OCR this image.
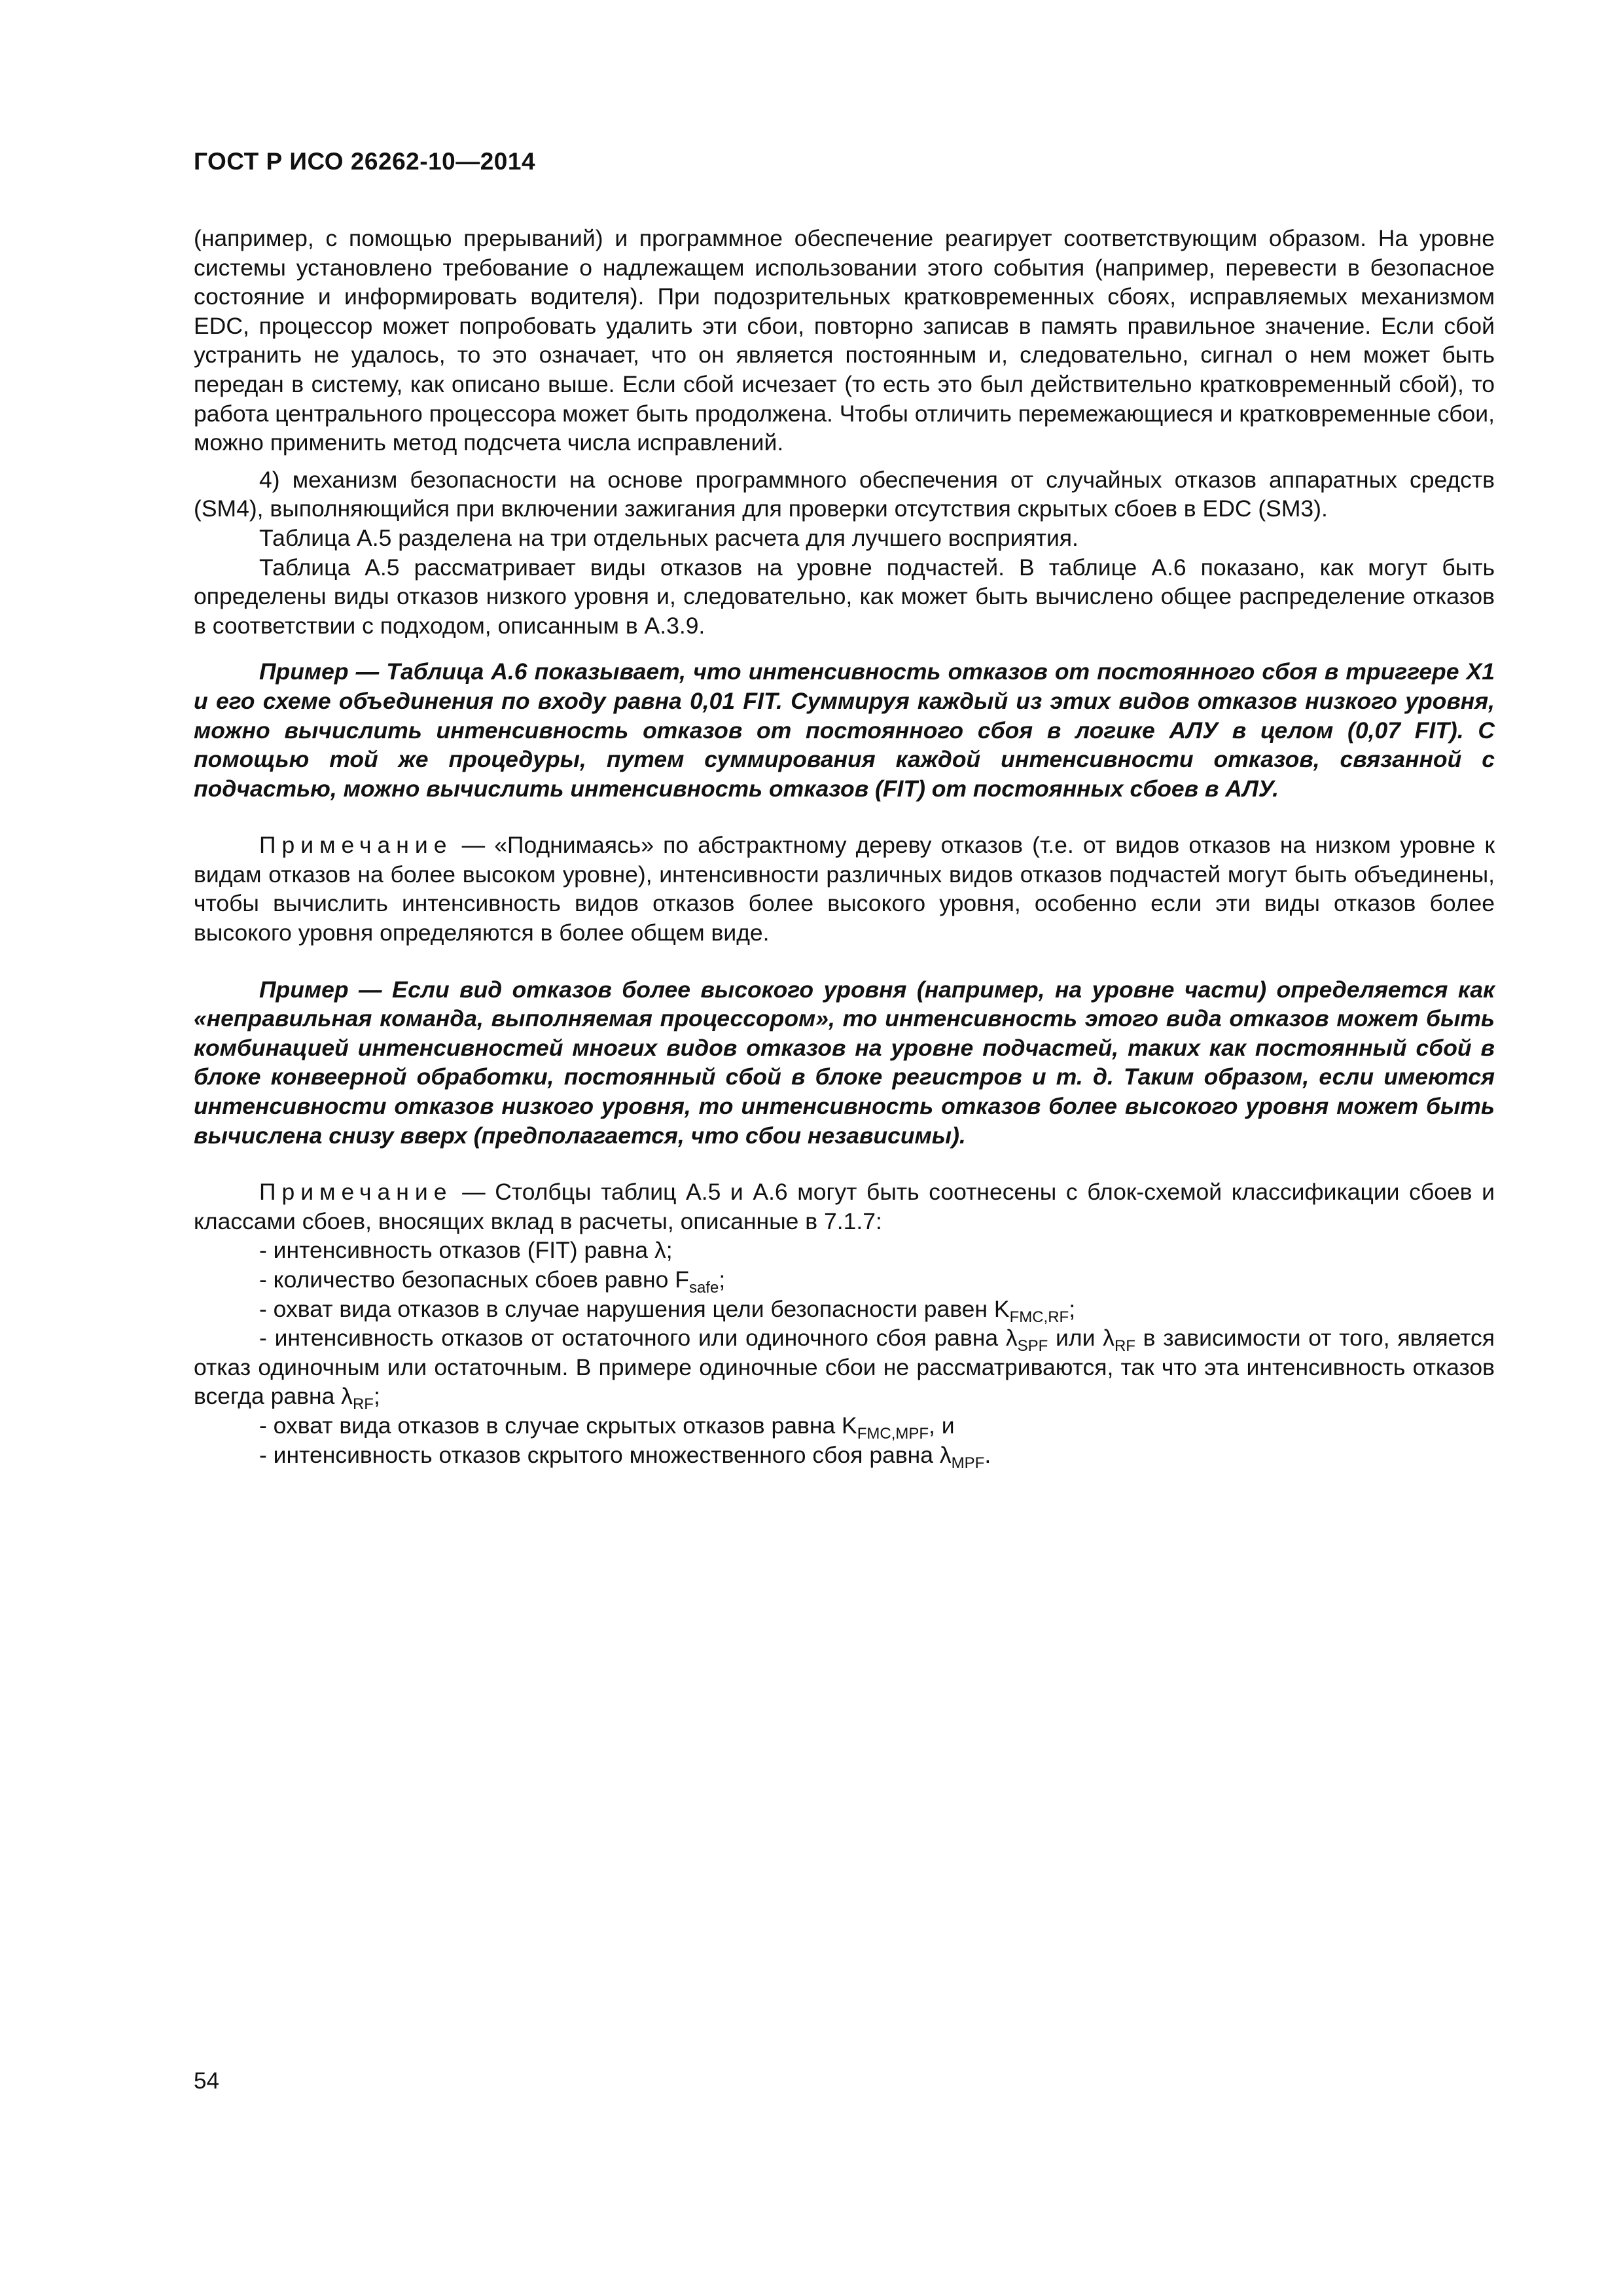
ГОСТ Р ИСО 26262-10—2014

(например, с помощью прерываний) и программное обеспечение реагирует соответствующим образом. На уровне системы установлено требование о надлежащем использовании этого события (например, перевести в безопасное состояние и информировать водителя). При подозрительных кратковременных сбоях, исправляемых механизмом EDC, процессор может попробовать удалить эти сбои, повторно записав в память правильное значение. Если сбой устранить не удалось, то это означает, что он является постоянным и, следовательно, сигнал о нем может быть передан в систему, как описано выше. Если сбой исчезает (то есть это был действительно кратковременный сбой), то работа центрального процессора может быть продолжена. Чтобы отличить перемежающиеся и кратковременные сбои, можно применить метод подсчета числа исправлений.

4) механизм безопасности на основе программного обеспечения от случайных отказов аппаратных средств (SM4), выполняющийся при включении зажигания для проверки отсутствия скрытых сбоев в EDC (SM3).

Таблица А.5 разделена на три отдельных расчета для лучшего восприятия.

Таблица А.5 рассматривает виды отказов на уровне подчастей. В таблице А.6 показано, как могут быть определены виды отказов низкого уровня и, следовательно, как может быть вычислено общее распределение отказов в соответствии с подходом, описанным в А.3.9.

Пример — Таблица А.6 показывает, что интенсивность отказов от постоянного сбоя в триггере Х1 и его схеме объединения по входу равна 0,01 FIT. Суммируя каждый из этих видов отказов низкого уровня, можно вычислить интенсивность отказов от постоянного сбоя в логике АЛУ в целом (0,07 FIT). С помощью той же процедуры, путем суммирования каждой интенсивности отказов, связанной с подчастью, можно вычислить интенсивность отказов (FIT) от постоянных сбоев в АЛУ.

Примечание — «Поднимаясь» по абстрактному дереву отказов (т.е. от видов отказов на низком уровне к видам отказов на более высоком уровне), интенсивности различных видов отказов подчастей могут быть объединены, чтобы вычислить интенсивность видов отказов более высокого уровня, особенно если эти виды отказов более высокого уровня определяются в более общем виде.

Пример — Если вид отказов более высокого уровня (например, на уровне части) определяется как «неправильная команда, выполняемая процессором», то интенсивность этого вида отказов может быть комбинацией интенсивностей многих видов отказов на уровне подчастей, таких как постоянный сбой в блоке конвеерной обработки, постоянный сбой в блоке регистров и т. д. Таким образом, если имеются интенсивности отказов низкого уровня, то интенсивность отказов более высокого уровня может быть вычислена снизу вверх (предполагается, что сбои независимы).

Примечание — Столбцы таблиц А.5 и А.6 могут быть соотнесены с блок-схемой классификации сбоев и классами сбоев, вносящих вклад в расчеты, описанные в 7.1.7:

- интенсивность отказов (FIT) равна λ;

- количество безопасных сбоев равно $F_{safe}$;

- охват вида отказов в случае нарушения цели безопасности равен $K_{FMC,RF}$;

- интенсивность отказов от остаточного или одиночного сбоя равна $\lambda_{SPF}$ или $\lambda_{RF}$ в зависимости от того, является отказ одиночным или остаточным. В примере одиночные сбои не рассматриваются, так что эта интенсивность отказов всегда равна $\lambda_{RF}$;

- охват вида отказов в случае скрытых отказов равна $K_{FMC,MPF}$, и

- интенсивность отказов скрытого множественного сбоя равна $\lambda_{MPF}$.

54
